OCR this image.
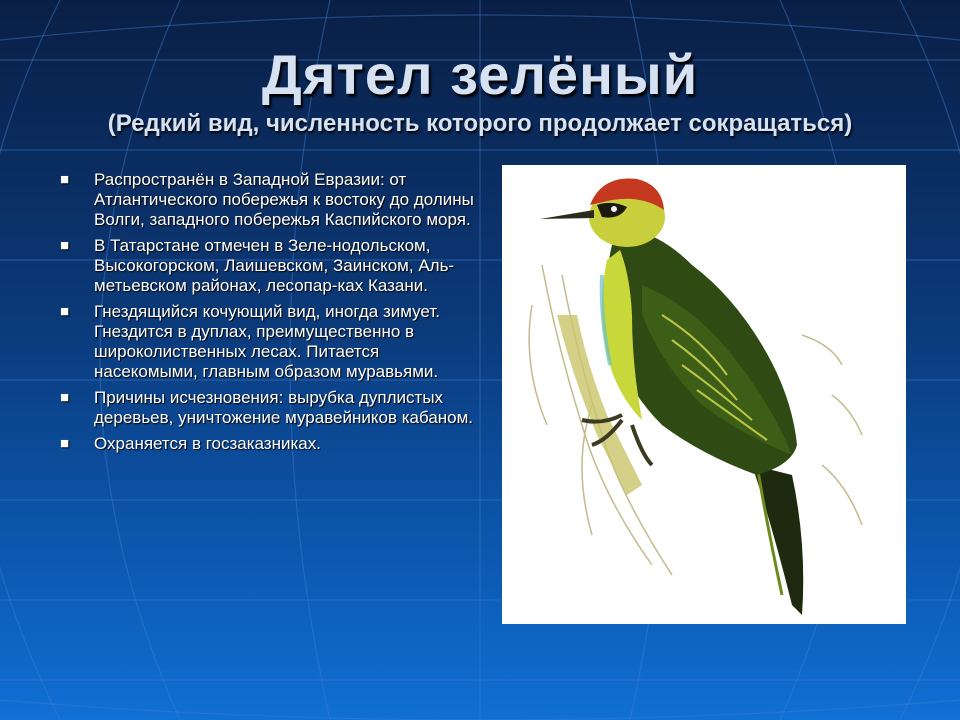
Дятел зелёный
(Редкий вид, численность которого продолжает сокращаться)
■ Распространён в Западной Евразии: от Атлантического побережья к востоку до долины Волги, западного побережья Каспийского моря.
■ В Татарстане отмечен в Зеле-нодольском, Высокогорском, Лаишевском, Заинском, Аль-метьевском районах, лесопар-ках Казани.
■ Гнездящийся кочующий вид, иногда зимует. Гнездится в дуплах, преимущественно в широколиственных лесах. Питается насекомыми, главным образом муравьями.
■ Причины исчезновения: вырубка дуплистых деревьев, уничтожение муравейников кабаном.
■ Охраняется в госзаказниках.
